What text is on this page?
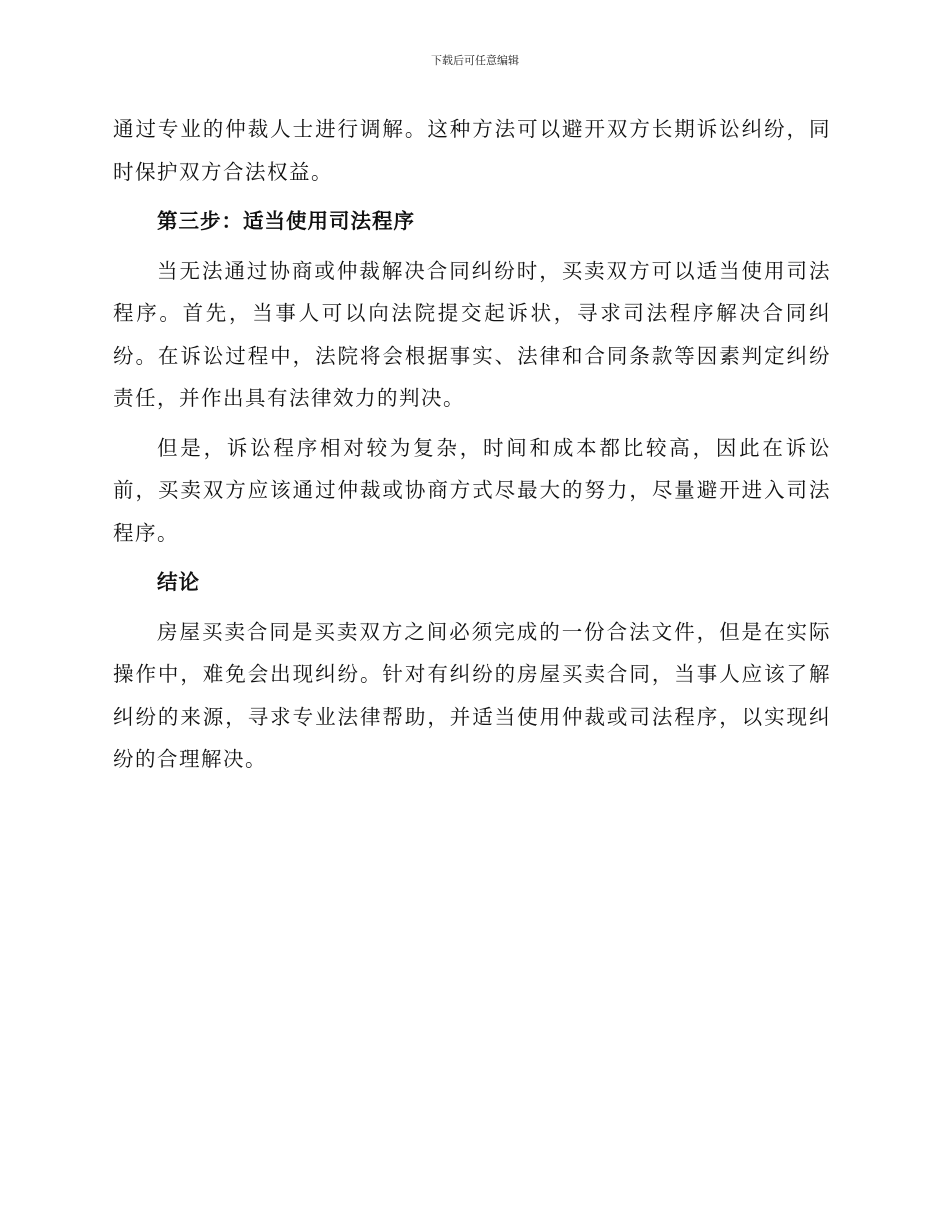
下载后可任意编辑

通过专业的仲裁人士进行调解。这种方法可以避开双方长期诉讼纠纷，同时保护双方合法权益。

第三步：适当使用司法程序

当无法通过协商或仲裁解决合同纠纷时，买卖双方可以适当使用司法程序。首先，当事人可以向法院提交起诉状，寻求司法程序解决合同纠纷。在诉讼过程中，法院将会根据事实、法律和合同条款等因素判定纠纷责任，并作出具有法律效力的判决。

但是，诉讼程序相对较为复杂，时间和成本都比较高，因此在诉讼前，买卖双方应该通过仲裁或协商方式尽最大的努力，尽量避开进入司法程序。

结论

房屋买卖合同是买卖双方之间必须完成的一份合法文件，但是在实际操作中，难免会出现纠纷。针对有纠纷的房屋买卖合同，当事人应该了解纠纷的来源，寻求专业法律帮助，并适当使用仲裁或司法程序，以实现纠纷的合理解决。
